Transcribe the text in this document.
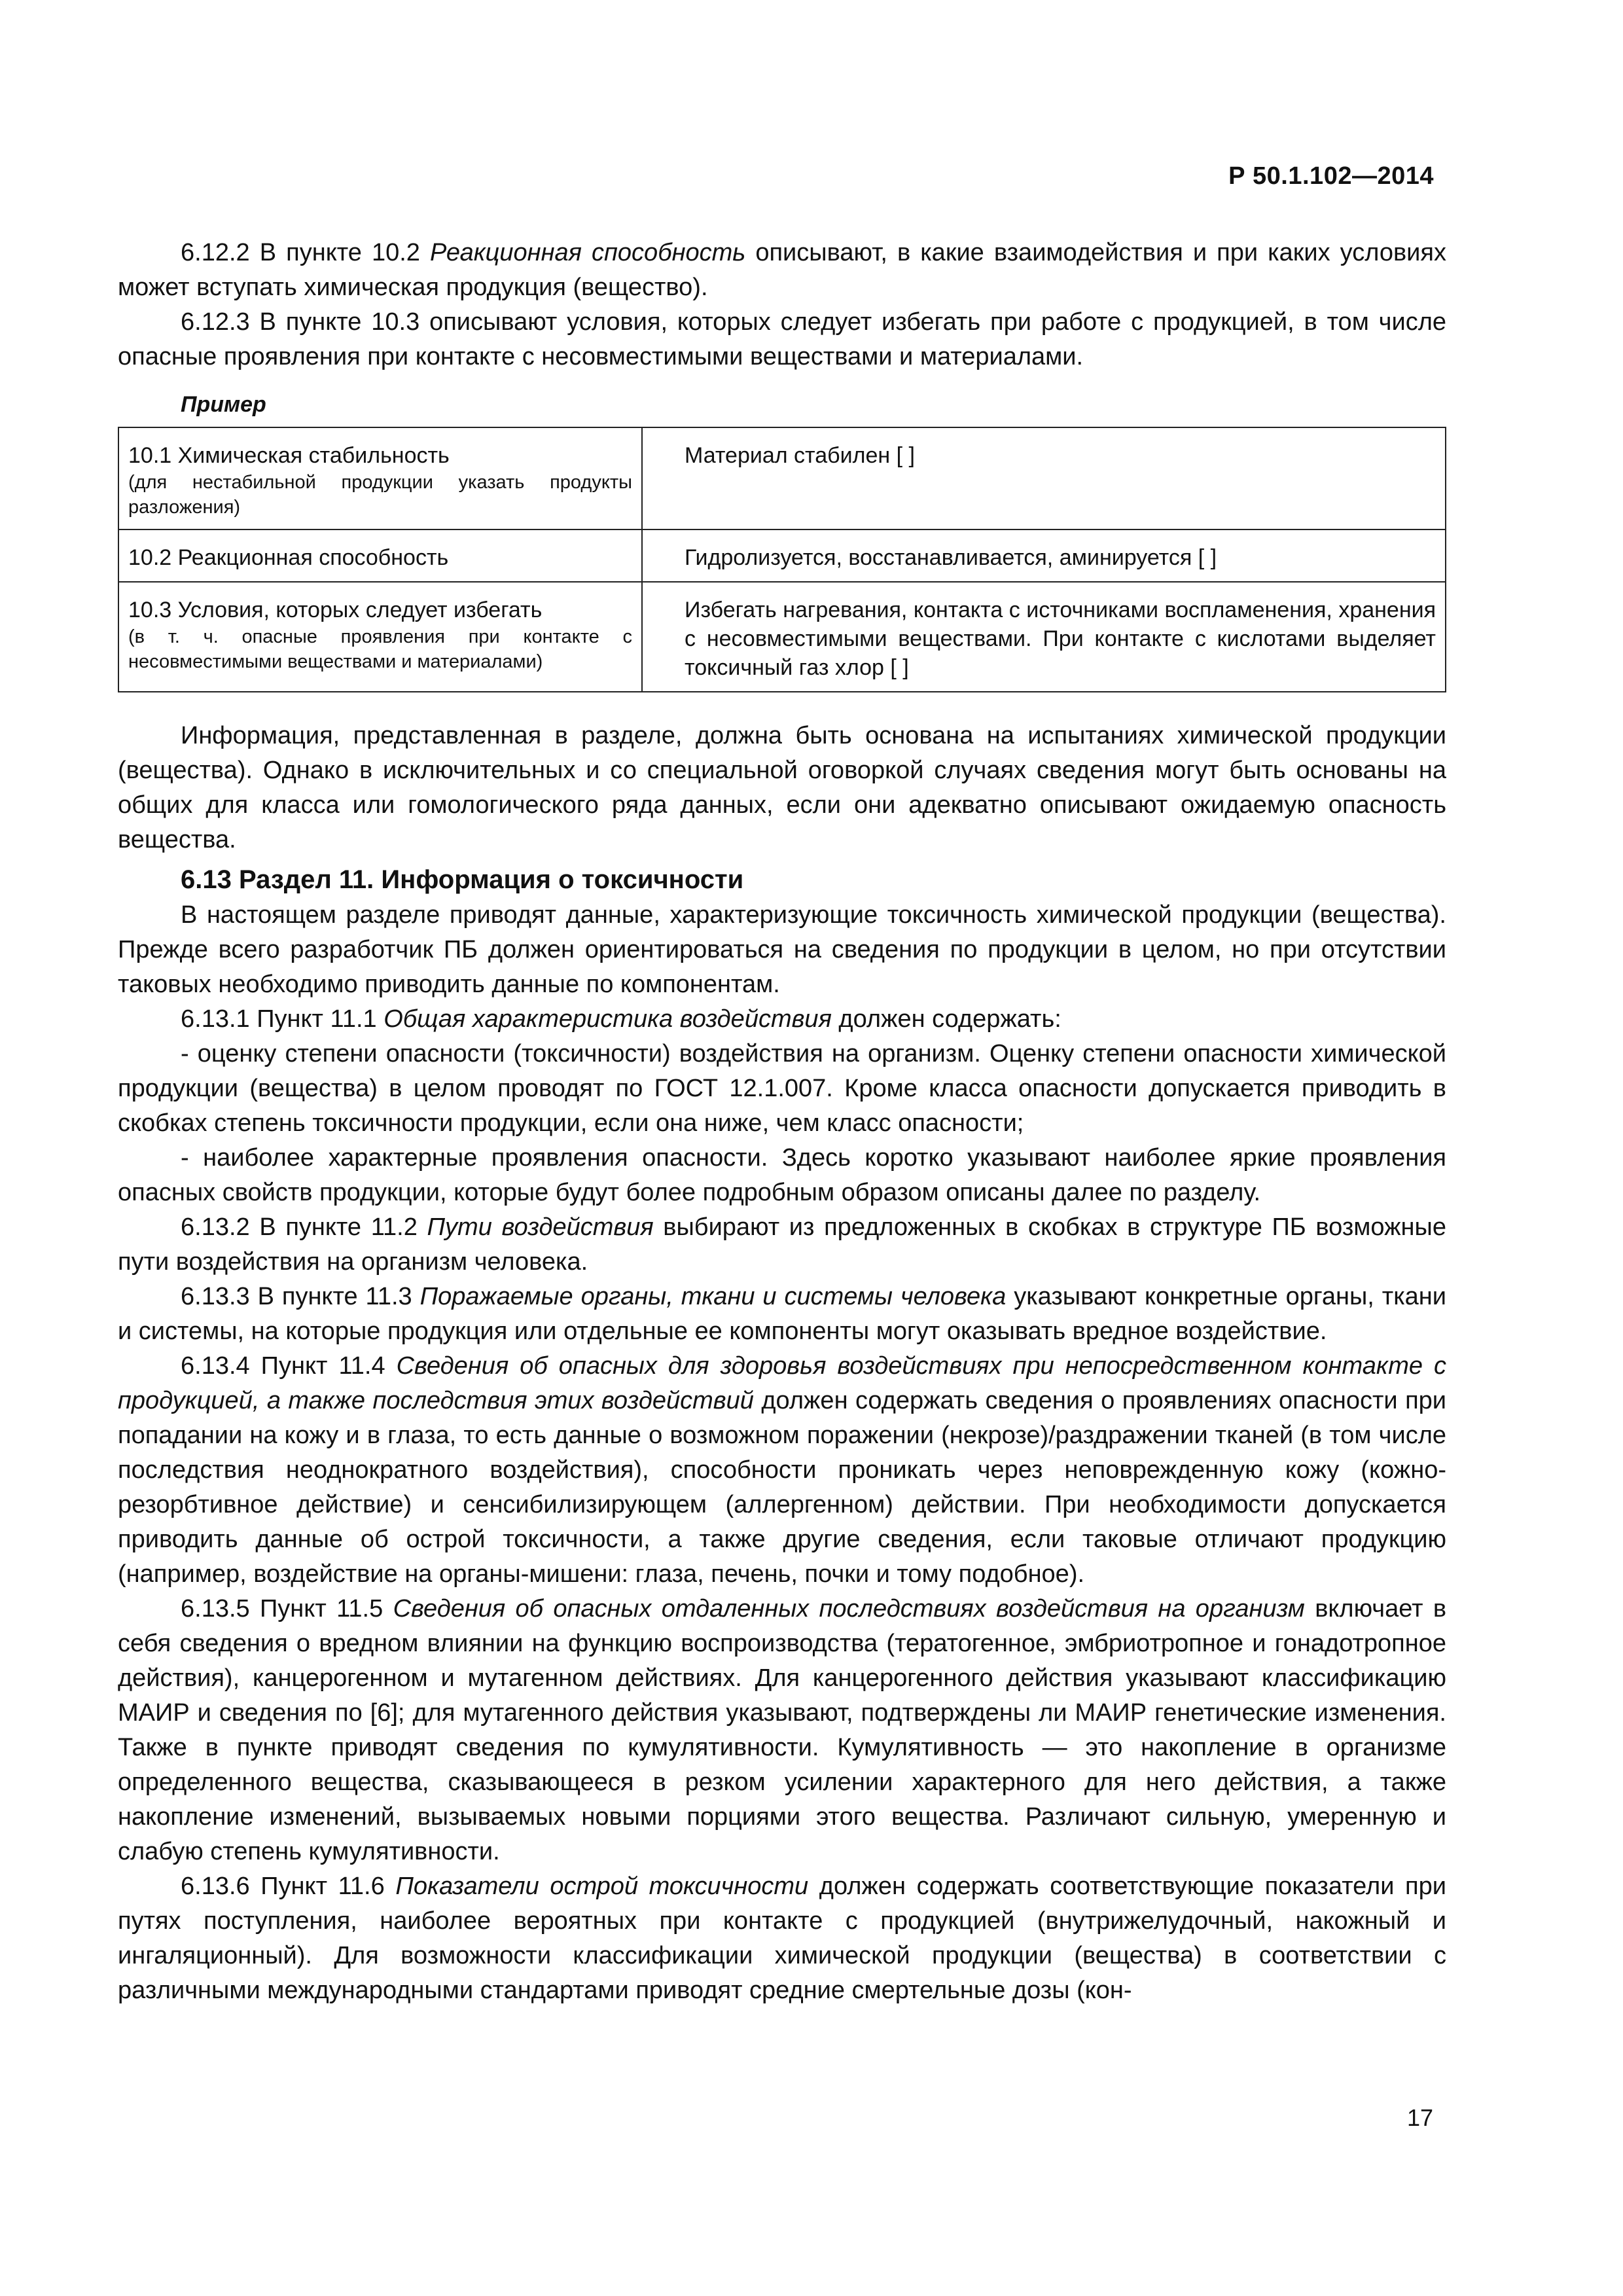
Р 50.1.102—2014

6.12.2 В пункте 10.2 Реакционная способность описывают, в какие взаимодействия и при каких условиях может вступать химическая продукция (вещество).

6.12.3 В пункте 10.3 описывают условия, которых следует избегать при работе с продукцией, в том числе опасные проявления при контакте с несовместимыми веществами и материалами.

Пример
10.1 Химическая стабильность
(для нестабильной продукции указать продукты разложения)	Материал стабилен [ ]
10.2 Реакционная способность	Гидролизуется, восстанавливается, аминируется [ ]
10.3 Условия, которых следует избегать
(в т. ч. опасные проявления при контакте с несовместимыми веществами и материалами)	Избегать нагревания, контакта с источниками воспламенения, хранения с несовместимыми веществами. При контакте с кислотами выделяет токсичный газ хлор [ ]

Информация, представленная в разделе, должна быть основана на испытаниях химической продукции (вещества). Однако в исключительных и со специальной оговоркой случаях сведения могут быть основаны на общих для класса или гомологического ряда данных, если они адекватно описывают ожидаемую опасность вещества.

6.13 Раздел 11. Информация о токсичности

В настоящем разделе приводят данные, характеризующие токсичность химической продукции (вещества). Прежде всего разработчик ПБ должен ориентироваться на сведения по продукции в целом, но при отсутствии таковых необходимо приводить данные по компонентам.

6.13.1 Пункт 11.1 Общая характеристика воздействия должен содержать:

- оценку степени опасности (токсичности) воздействия на организм. Оценку степени опасности химической продукции (вещества) в целом проводят по ГОСТ 12.1.007. Кроме класса опасности допускается приводить в скобках степень токсичности продукции, если она ниже, чем класс опасности;

- наиболее характерные проявления опасности. Здесь коротко указывают наиболее яркие проявления опасных свойств продукции, которые будут более подробным образом описаны далее по разделу.

6.13.2 В пункте 11.2 Пути воздействия выбирают из предложенных в скобках в структуре ПБ возможные пути воздействия на организм человека.

6.13.3 В пункте 11.3 Поражаемые органы, ткани и системы человека указывают конкретные органы, ткани и системы, на которые продукция или отдельные ее компоненты могут оказывать вредное воздействие.

6.13.4 Пункт 11.4 Сведения об опасных для здоровья воздействиях при непосредственном контакте с продукцией, а также последствия этих воздействий должен содержать сведения о проявлениях опасности при попадании на кожу и в глаза, то есть данные о возможном поражении (некрозе)/раздражении тканей (в том числе последствия неоднократного воздействия), способности проникать через неповрежденную кожу (кожно-резорбтивное действие) и сенсибилизирующем (аллергенном) действии. При необходимости допускается приводить данные об острой токсичности, а также другие сведения, если таковые отличают продукцию (например, воздействие на органы-мишени: глаза, печень, почки и тому подобное).

6.13.5 Пункт 11.5 Сведения об опасных отдаленных последствиях воздействия на организм включает в себя сведения о вредном влиянии на функцию воспроизводства (тератогенное, эмбриотропное и гонадотропное действия), канцерогенном и мутагенном действиях. Для канцерогенного действия указывают классификацию МАИР и сведения по [6]; для мутагенного действия указывают, подтверждены ли МАИР генетические изменения. Также в пункте приводят сведения по кумулятивности. Кумулятивность — это накопление в организме определенного вещества, сказывающееся в резком усилении характерного для него действия, а также накопление изменений, вызываемых новыми порциями этого вещества. Различают сильную, умеренную и слабую степень кумулятивности.

6.13.6 Пункт 11.6 Показатели острой токсичности должен содержать соответствующие показатели при путях поступления, наиболее вероятных при контакте с продукцией (внутрижелудочный, накожный и ингаляционный). Для возможности классификации химической продукции (вещества) в соответствии с различными международными стандартами приводят средние смертельные дозы (кон-

17
